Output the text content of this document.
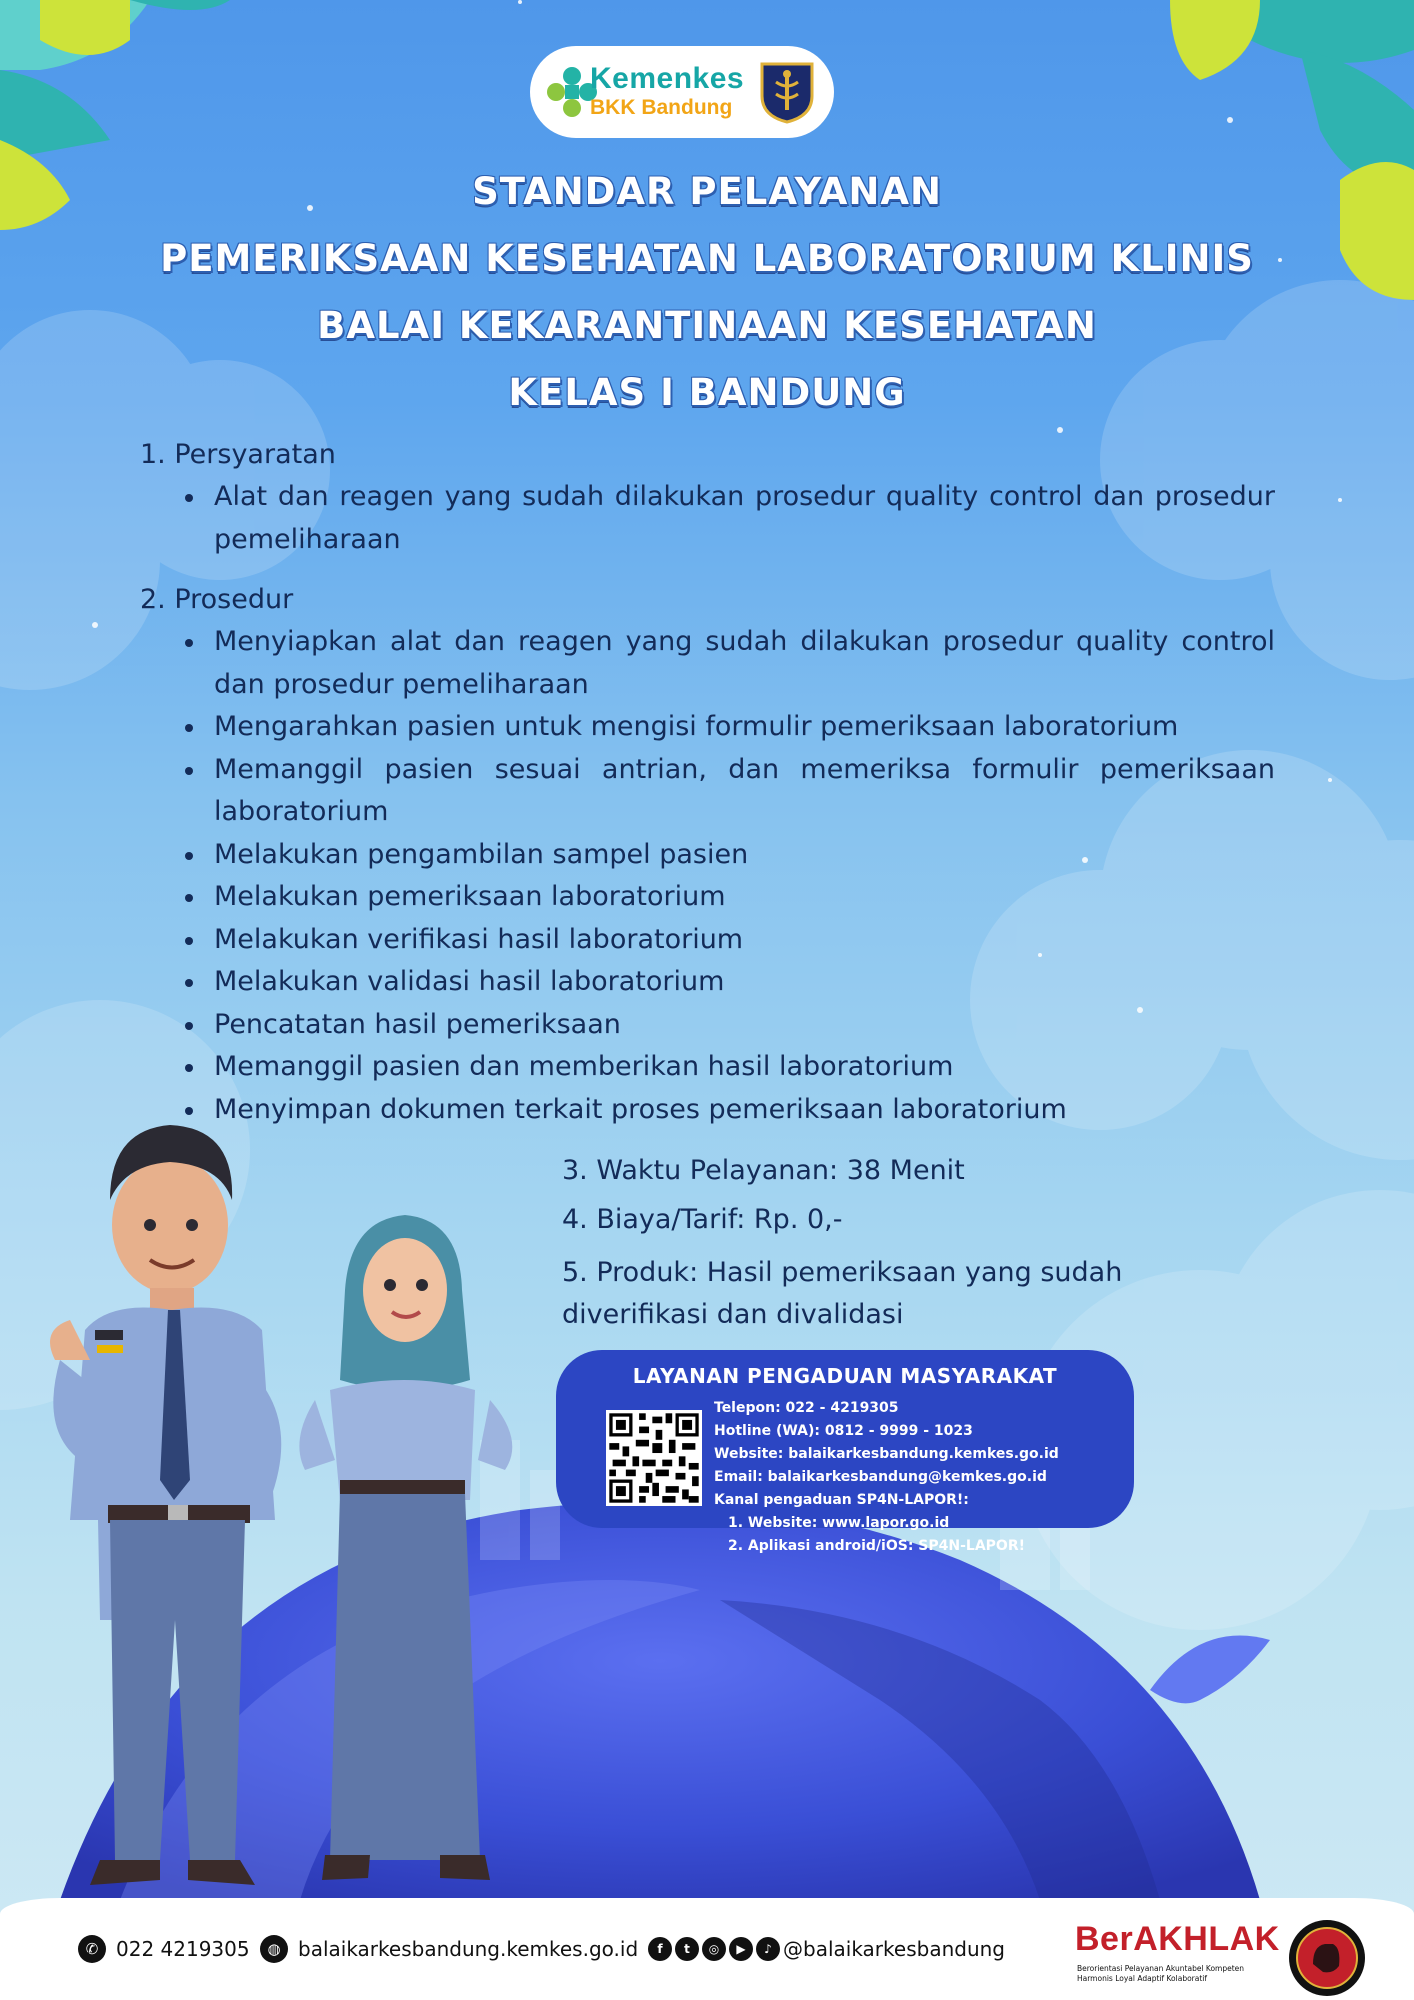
Kemenkes
BKK Bandung
STANDAR PELAYANAN
PEMERIKSAAN KESEHATAN LABORATORIUM KLINIS
BALAI KEKARANTINAAN KESEHATAN
KELAS I BANDUNG
1. Persyaratan
Alat dan reagen yang sudah dilakukan prosedur quality control dan prosedur pemeliharaan
2. Prosedur
Menyiapkan alat dan reagen yang sudah dilakukan prosedur quality control dan prosedur pemeliharaan
Mengarahkan pasien untuk mengisi formulir pemeriksaan laboratorium
Memanggil pasien sesuai antrian, dan memeriksa formulir pemeriksaan laboratorium
Melakukan pengambilan sampel pasien
Melakukan pemeriksaan laboratorium
Melakukan verifikasi hasil laboratorium
Melakukan validasi hasil laboratorium
Pencatatan hasil pemeriksaan
Memanggil pasien dan memberikan hasil laboratorium
Menyimpan dokumen terkait proses pemeriksaan laboratorium
3. Waktu Pelayanan: 38 Menit
4. Biaya/Tarif: Rp. 0,-
5. Produk: Hasil pemeriksaan yang sudah
diverifikasi dan divalidasi
LAYANAN PENGADUAN MASYARAKAT
Telepon: 022 - 4219305
Hotline (WA): 0812 - 9999 - 1023
Website: balaikarkesbandung.kemkes.go.id
Email: balaikarkesbandung@kemkes.go.id
Kanal pengaduan SP4N-LAPOR!:
1. Website: www.lapor.go.id
2. Aplikasi android/iOS: SP4N-LAPOR!
✆ 022 4219305	◍ balaikarkesbandung.kemkes.go.id	f	t	◎	▶	♪ @balaikarkesbandung BerAKHLAK
Berorientasi Pelayanan Akuntabel Kompeten
Harmonis Loyal Adaptif Kolaboratif
